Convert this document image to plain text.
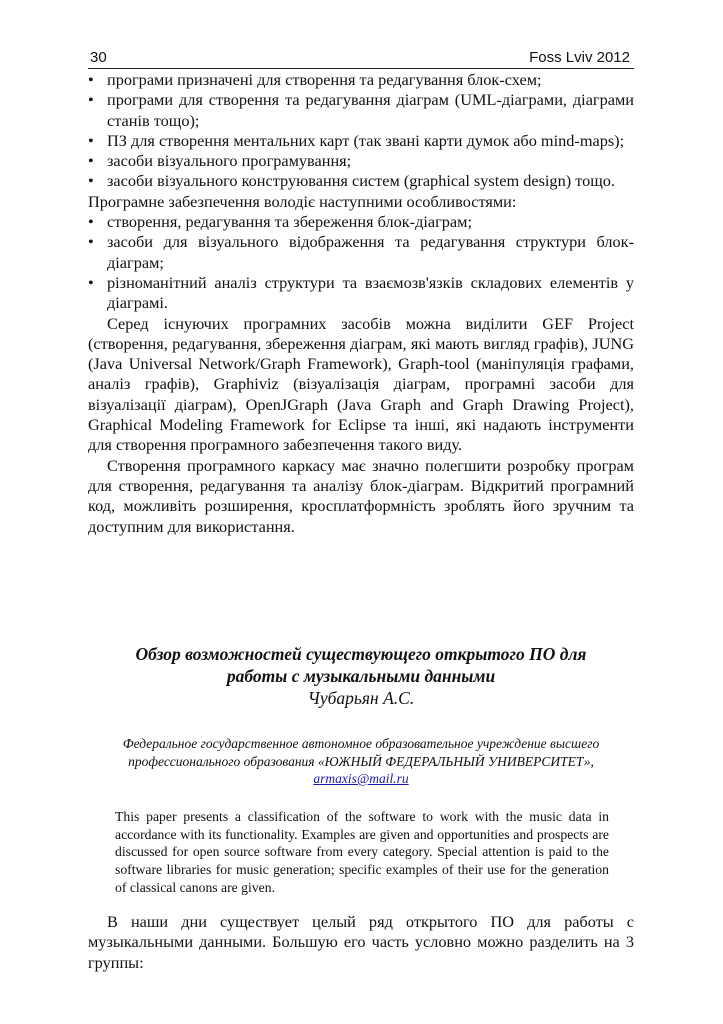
30	Foss Lviv 2012

• програми призначені для створення та редагування блок-схем;

• програми для створення та редагування діаграм (UML-діаграми, діаграми станів тощо);

• ПЗ для створення ментальних карт (так звані карти думок або mind-maps);

• засоби візуального програмування;

• засоби візуального конструювання систем (graphical system design) тощо.

Програмне забезпечення володіє наступними особливостями:

• створення, редагування та збереження блок-діаграм;

• засоби для візуального відображення та редагування структури блок-діаграм;

• різноманітний аналіз структури та взаємозв'язків складових елементів у діаграмі.

Серед існуючих програмних засобів можна виділити GEF Project (створення, редагування, збереження діаграм, які мають вигляд графів), JUNG (Java Universal Network/Graph Framework), Graph-tool (маніпуляція графами, аналіз графів), Graphiviz (візуалізація діаграм, програмні засоби для візуалізації діаграм), OpenJGraph (Java Graph and Graph Drawing Project), Graphical Modeling Framework for Eclipse та інші, які надають інструменти для створення програмного забезпечення такого виду.

Створення програмного каркасу має значно полегшити розробку програм для створення, редагування та аналізу блок-діаграм. Відкритий програмний код, можливіть розширення, кросплатформність зроблять його зручним та доступним для використання.

Обзор возможностей существующего открытого ПО для
работы с музыкальными данными
Чубарьян А.С.
Федеральное государственное автономное образовательное учреждение высшего профессионального образования «ЮЖНЫЙ ФЕДЕРАЛЬНЫЙ УНИВЕРСИТЕТ», armaxis@mail.ru

This paper presents a classification of the software to work with the music data in accordance with its functionality. Examples are given and opportunities and prospects are discussed for open source software from every category. Special attention is paid to the software libraries for music generation; specific examples of their use for the generation of classical canons are given.

В наши дни существует целый ряд открытого ПО для работы с музыкальными данными. Большую его часть условно можно разделить на 3 группы:
